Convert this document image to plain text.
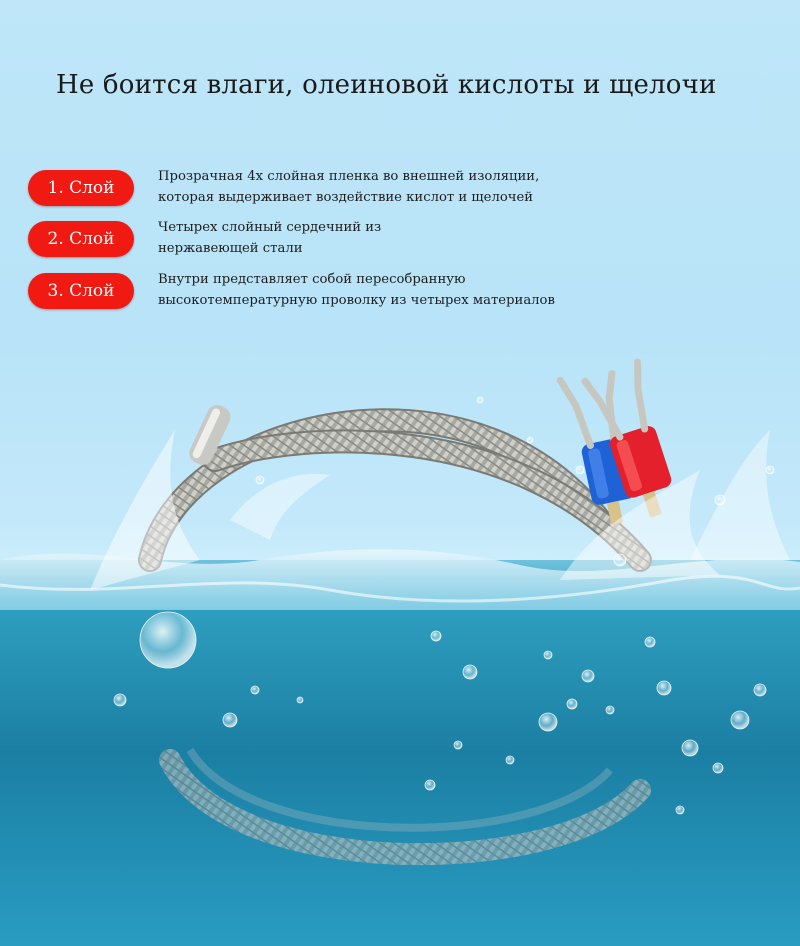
Не боится влаги, олеиновой кислоты и щелочи
1. Слой
Прозрачная 4х слойная пленка во внешней изоляции,
которая выдерживает воздействие кислот и щелочей
2. Слой
Четырех слойный сердечний из
нержавеющей стали
3. Слой
Внутри представляет собой пересобранную
высокотемпературную проволку из четырех материалов
